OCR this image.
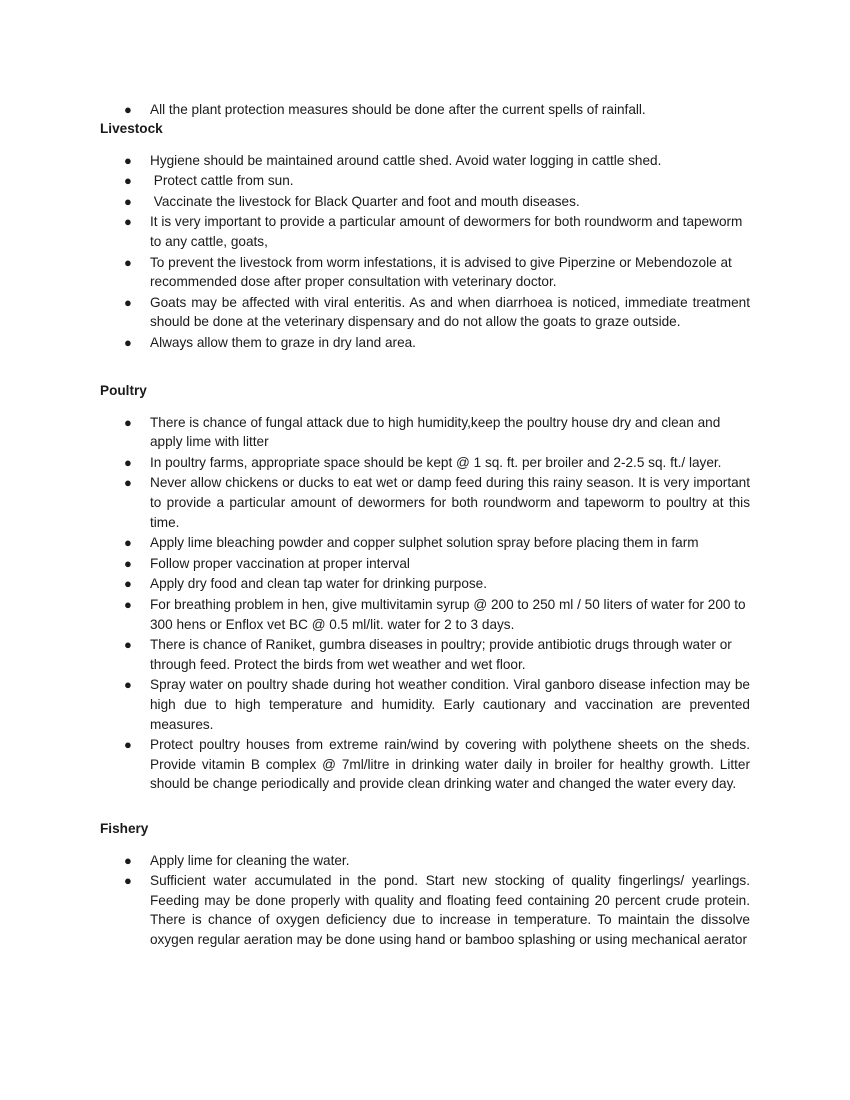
● All the plant protection measures should be done after the current spells of rainfall.

Livestock

● Hygiene should be maintained around cattle shed. Avoid water logging in cattle shed.
● Protect cattle from sun.
● Vaccinate the livestock for Black Quarter and foot and mouth diseases.
● It is very important to provide a particular amount of dewormers for both roundworm and tapeworm to any cattle, goats,
● To prevent the livestock from worm infestations, it is advised to give Piperzine or Mebendozole at recommended dose after proper consultation with veterinary doctor.
● Goats may be affected with viral enteritis. As and when diarrhoea is noticed, immediate treatment should be done at the veterinary dispensary and do not allow the goats to graze outside.
● Always allow them to graze in dry land area.

Poultry

● There is chance of fungal attack due to high humidity,keep the poultry house dry and clean and apply lime with litter
● In poultry farms, appropriate space should be kept @ 1 sq. ft. per broiler and 2-2.5 sq. ft./ layer.
● Never allow chickens or ducks to eat wet or damp feed during this rainy season. It is very important to provide a particular amount of dewormers for both roundworm and tapeworm to poultry at this time.
● Apply lime bleaching powder and copper sulphet solution spray before placing them in farm
● Follow proper vaccination at proper interval
● Apply dry food and clean tap water for drinking purpose.
● For breathing problem in hen, give multivitamin syrup @ 200 to 250 ml / 50 liters of water for 200 to 300 hens or Enflox vet BC @ 0.5 ml/lit. water for 2 to 3 days.
● There is chance of Raniket, gumbra diseases in poultry; provide antibiotic drugs through water or through feed. Protect the birds from wet weather and wet floor.
● Spray water on poultry shade during hot weather condition. Viral ganboro disease infection may be high due to high temperature and humidity. Early cautionary and vaccination are prevented measures.
● Protect poultry houses from extreme rain/wind by covering with polythene sheets on the sheds. Provide vitamin B complex @ 7ml/litre in drinking water daily in broiler for healthy growth. Litter should be change periodically and provide clean drinking water and changed the water every day.

Fishery

● Apply lime for cleaning the water.
● Sufficient water accumulated in the pond. Start new stocking of quality fingerlings/ yearlings. Feeding may be done properly with quality and floating feed containing 20 percent crude protein. There is chance of oxygen deficiency due to increase in temperature. To maintain the dissolve oxygen regular aeration may be done using hand or bamboo splashing or using mechanical aerator
